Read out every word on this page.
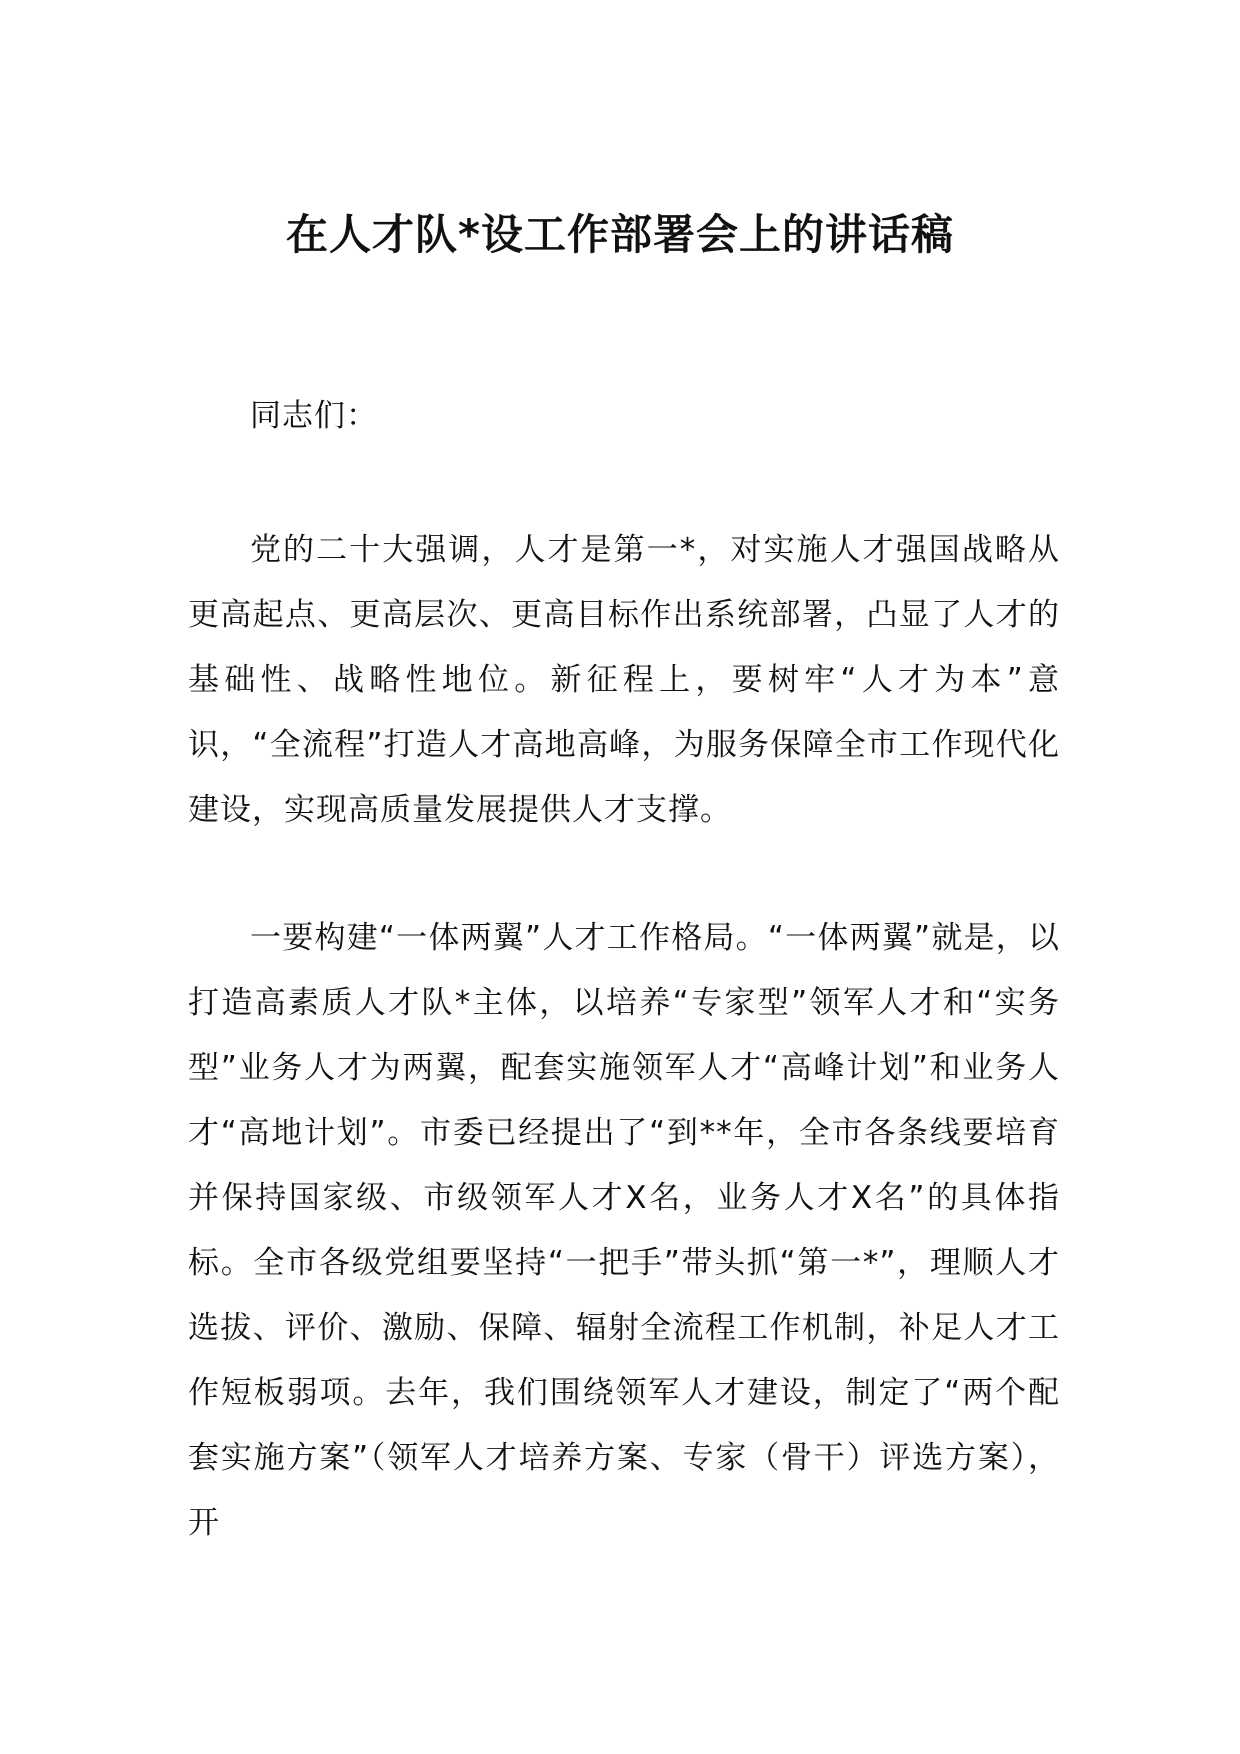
在人才队*设工作部署会上的讲话稿

同志们：

党的二十大强调，人才是第一*，对实施人才强国战略从更高起点、更高层次、更高目标作出系统部署，凸显了人才的基础性、战略性地位。新征程上，要树牢“人才为本”意识，“全流程”打造人才高地高峰，为服务保障全市工作现代化建设，实现高质量发展提供人才支撑。

一要构建“一体两翼”人才工作格局。“一体两翼”就是，以打造高素质人才队*主体，以培养“专家型”领军人才和“实务型”业务人才为两翼，配套实施领军人才“高峰计划”和业务人才“高地计划”。市委已经提出了“到**年，全市各条线要培育并保持国家级、市级领军人才X名，业务人才X名”的具体指标。全市各级党组要坚持“一把手”带头抓“第一*”，理顺人才选拔、评价、激励、保障、辐射全流程工作机制，补足人才工作短板弱项。去年，我们围绕领军人才建设，制定了“两个配套实施方案”（领军人才培养方案、专家（骨干）评选方案），开
